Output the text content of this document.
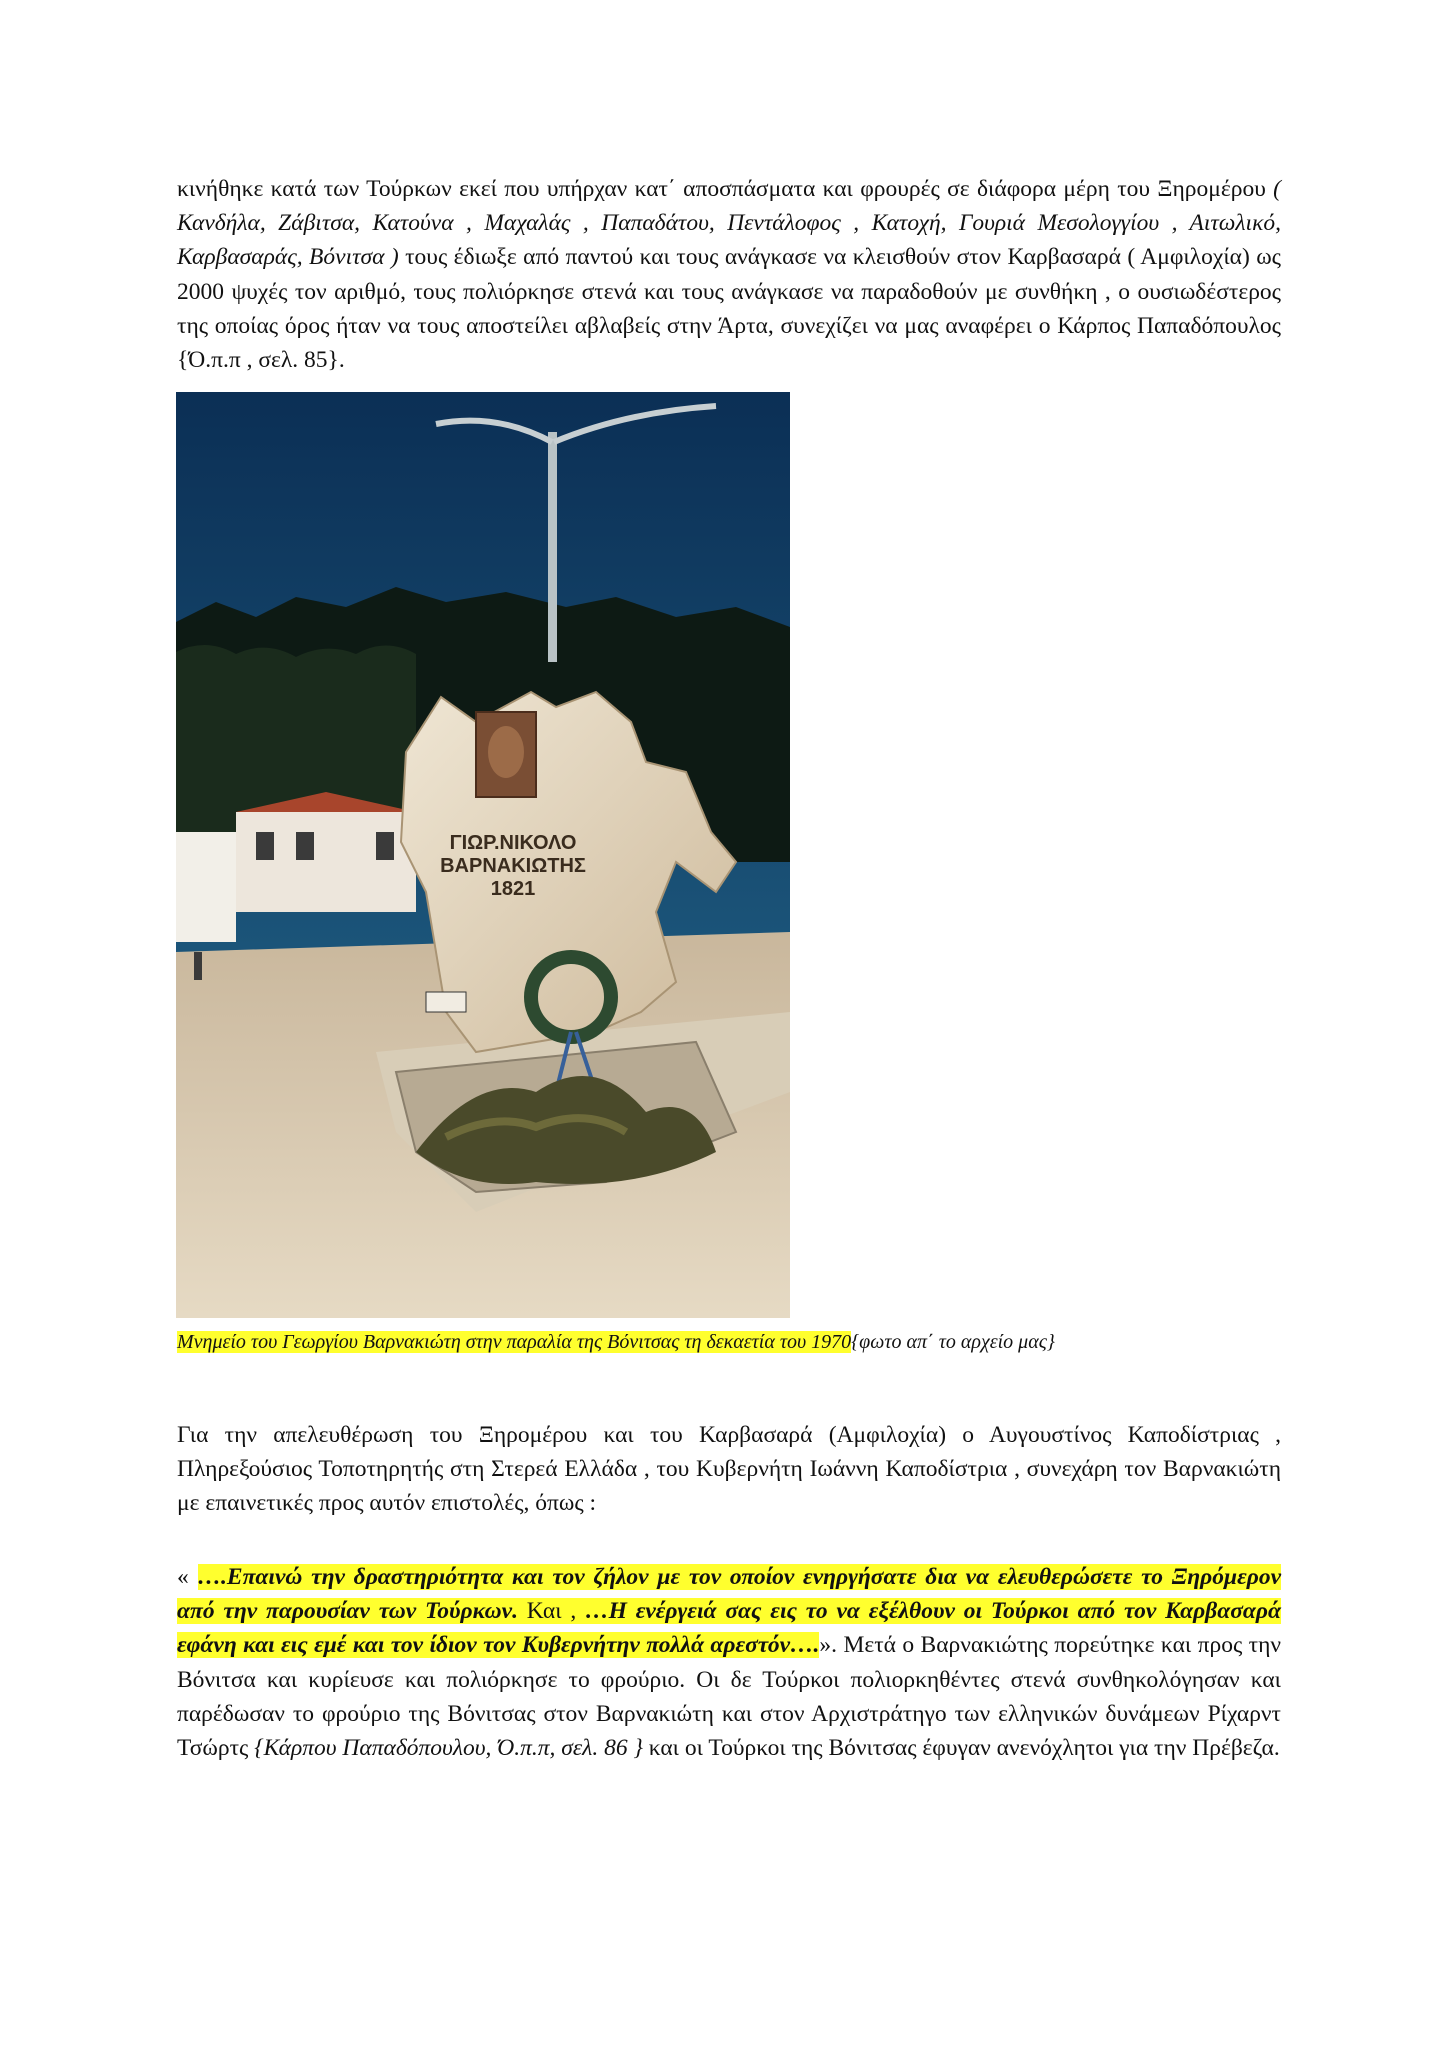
κινήθηκε κατά των Τούρκων εκεί που υπήρχαν κατ΄ αποσπάσματα και φρουρές σε διάφορα μέρη του Ξηρομέρου ( Κανδήλα, Ζάβιτσα, Κατούνα , Μαχαλάς , Παπαδάτου, Πεντάλοφος , Κατοχή, Γουριά Μεσολογγίου , Αιτωλικό, Καρβασαράς, Βόνιτσα ) τους έδιωξε από παντού και τους ανάγκασε να κλεισθούν στον Καρβασαρά ( Αμφιλοχία) ως 2000 ψυχές τον αριθμό, τους πολιόρκησε στενά και τους ανάγκασε να παραδοθούν με συνθήκη , ο ουσιωδέστερος της οποίας όρος ήταν να τους αποστείλει αβλαβείς στην Άρτα, συνεχίζει να μας αναφέρει ο Κάρπος Παπαδόπουλος {Ό.π.π , σελ. 85}.

ΓΙΩΡ.ΝΙΚΟΛΟ
ΒΑΡΝΑΚΙΩΤΗΣ
1821
Μνημείο του Γεωργίου Βαρνακιώτη στην παραλία της Βόνιτσας τη δεκαετία του 1970{φωτο απ΄ το αρχείο μας}

Για την απελευθέρωση του Ξηρομέρου και του Καρβασαρά (Αμφιλοχία) ο Αυγουστίνος Καποδίστριας , Πληρεξούσιος Τοποτηρητής στη Στερεά Ελλάδα , του Κυβερνήτη Ιωάννη Καποδίστρια , συνεχάρη τον Βαρνακιώτη με επαινετικές προς αυτόν επιστολές, όπως :

« ….Επαινώ την δραστηριότητα και τον ζήλον με τον οποίον ενηργήσατε δια να ελευθερώσετε το Ξηρόμερον από την παρουσίαν των Τούρκων. Και , …Η ενέργειά σας εις το να εξέλθουν οι Τούρκοι από τον Καρβασαρά εφάνη και εις εμέ και τον ίδιον τον Κυβερνήτην πολλά αρεστόν….». Μετά ο Βαρνακιώτης πορεύτηκε και προς την Βόνιτσα και κυρίευσε και πολιόρκησε το φρούριο. Οι δε Τούρκοι πολιορκηθέντες στενά συνθηκολόγησαν και παρέδωσαν το φρούριο της Βόνιτσας στον Βαρνακιώτη και στον Αρχιστράτηγο των ελληνικών δυνάμεων Ρίχαρντ Τσώρτς {Κάρπου Παπαδόπουλου, Ό.π.π, σελ. 86 } και οι Τούρκοι της Βόνιτσας έφυγαν ανενόχλητοι για την Πρέβεζα.
